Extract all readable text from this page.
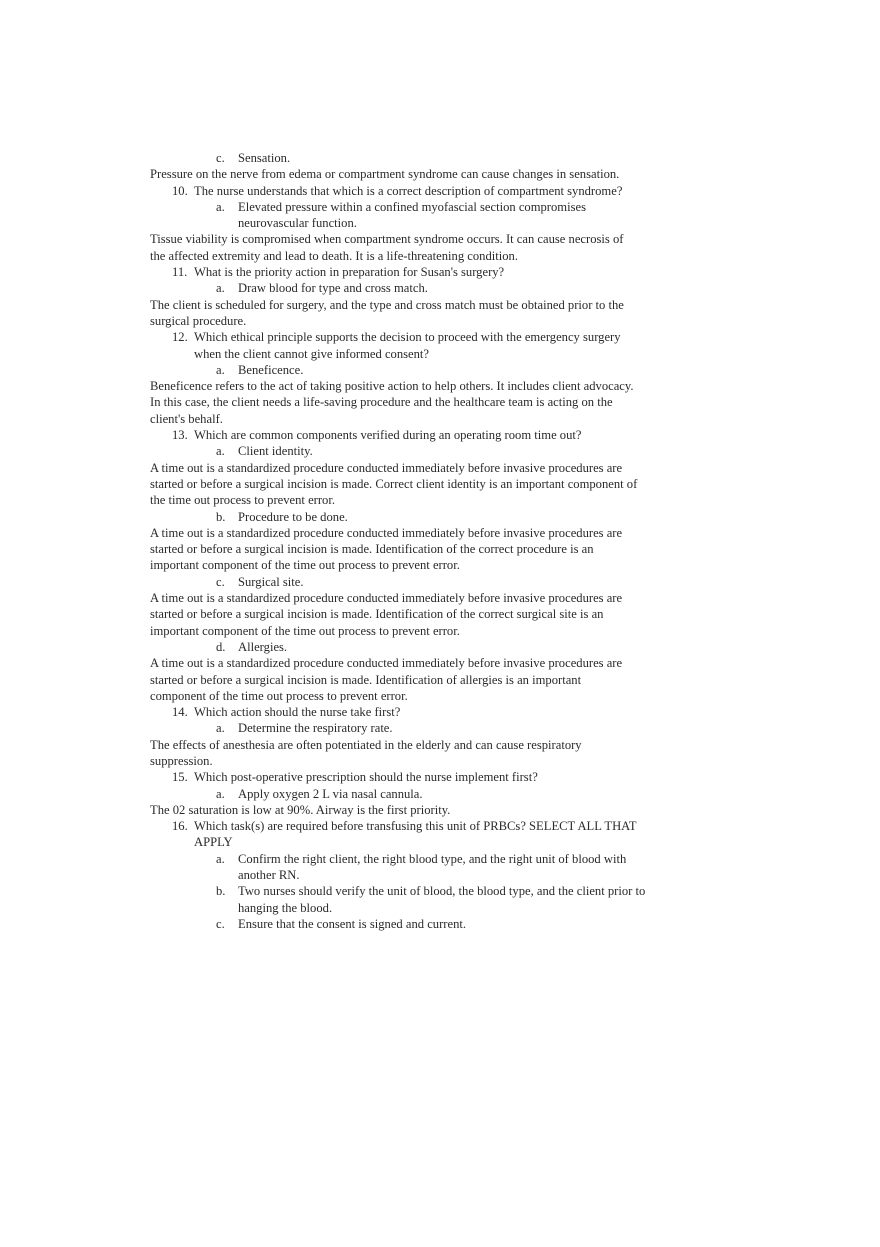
c. Sensation.
Pressure on the nerve from edema or compartment syndrome can cause changes in sensation.
10. The nurse understands that which is a correct description of compartment syndrome?
a. Elevated pressure within a confined myofascial section compromises
neurovascular function.
Tissue viability is compromised when compartment syndrome occurs. It can cause necrosis of
the affected extremity and lead to death. It is a life-threatening condition.
11. What is the priority action in preparation for Susan's surgery?
a. Draw blood for type and cross match.
The client is scheduled for surgery, and the type and cross match must be obtained prior to the
surgical procedure.
12. Which ethical principle supports the decision to proceed with the emergency surgery
when the client cannot give informed consent?
a. Beneficence.
Beneficence refers to the act of taking positive action to help others. It includes client advocacy.
In this case, the client needs a life-saving procedure and the healthcare team is acting on the
client's behalf.
13. Which are common components verified during an operating room time out?
a. Client identity.
A time out is a standardized procedure conducted immediately before invasive procedures are
started or before a surgical incision is made. Correct client identity is an important component of
the time out process to prevent error.
b. Procedure to be done.
A time out is a standardized procedure conducted immediately before invasive procedures are
started or before a surgical incision is made. Identification of the correct procedure is an
important component of the time out process to prevent error.
c. Surgical site.
A time out is a standardized procedure conducted immediately before invasive procedures are
started or before a surgical incision is made. Identification of the correct surgical site is an
important component of the time out process to prevent error.
d. Allergies.
A time out is a standardized procedure conducted immediately before invasive procedures are
started or before a surgical incision is made. Identification of allergies is an important
component of the time out process to prevent error.
14. Which action should the nurse take first?
a. Determine the respiratory rate.
The effects of anesthesia are often potentiated in the elderly and can cause respiratory
suppression.
15. Which post-operative prescription should the nurse implement first?
a. Apply oxygen 2 L via nasal cannula.
The 02 saturation is low at 90%. Airway is the first priority.
16. Which task(s) are required before transfusing this unit of PRBCs? SELECT ALL THAT
APPLY
a. Confirm the right client, the right blood type, and the right unit of blood with
another RN.
b. Two nurses should verify the unit of blood, the blood type, and the client prior to
hanging the blood.
c. Ensure that the consent is signed and current.
